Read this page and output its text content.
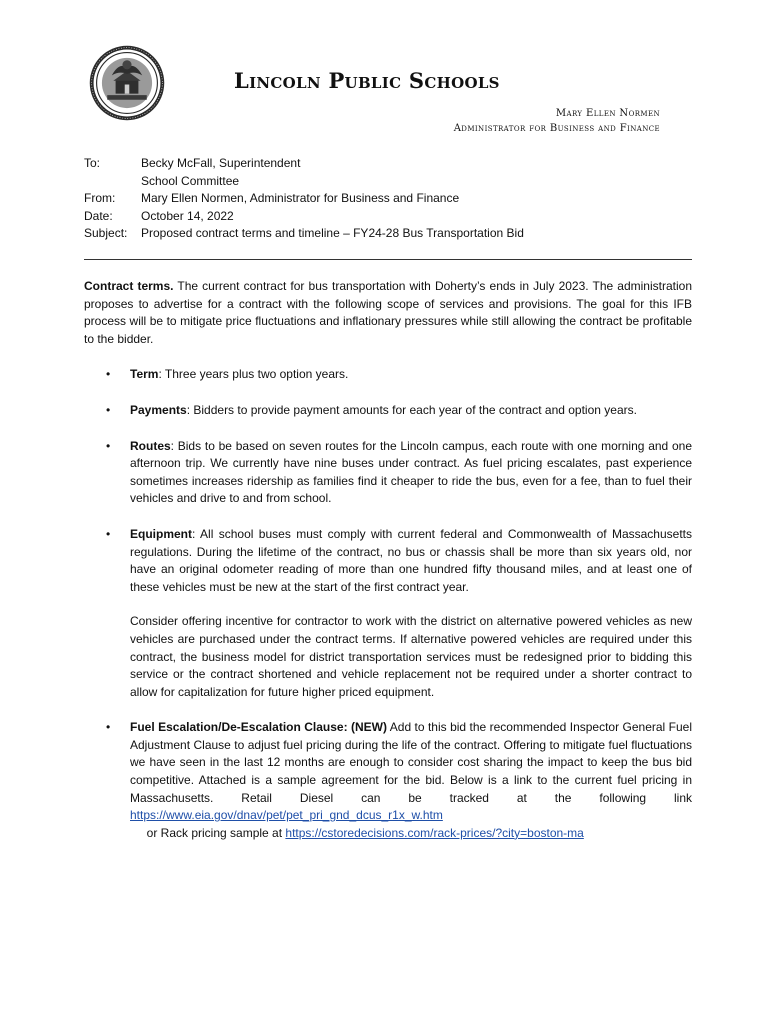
Lincoln Public Schools
Mary Ellen Normen
Administrator for Business and Finance
To:	Becky McFall, Superintendent
School Committee
From:	Mary Ellen Normen, Administrator for Business and Finance
Date:	October 14, 2022
Subject:	Proposed contract terms and timeline – FY24-28 Bus Transportation Bid

Contract terms. The current contract for bus transportation with Doherty’s ends in July 2023. The administration proposes to advertise for a contract with the following scope of services and provisions. The goal for this IFB process will be to mitigate price fluctuations and inflationary pressures while still allowing the contract be profitable to the bidder.

• Term: Three years plus two option years.
• Payments: Bidders to provide payment amounts for each year of the contract and option years.
• Routes: Bids to be based on seven routes for the Lincoln campus, each route with one morning and one afternoon trip. We currently have nine buses under contract. As fuel pricing escalates, past experience sometimes increases ridership as families find it cheaper to ride the bus, even for a fee, than to fuel their vehicles and drive to and from school.
• Equipment: All school buses must comply with current federal and Commonwealth of Massachusetts regulations. During the lifetime of the contract, no bus or chassis shall be more than six years old, nor have an original odometer reading of more than one hundred fifty thousand miles, and at least one of these vehicles must be new at the start of the first contract year.
Consider offering incentive for contractor to work with the district on alternative powered vehicles as new vehicles are purchased under the contract terms. If alternative powered vehicles are required under this contract, the business model for district transportation services must be redesigned prior to bidding this service or the contract shortened and vehicle replacement not be required under a shorter contract to allow for capitalization for future higher priced equipment.
• Fuel Escalation/De-Escalation Clause: (NEW) Add to this bid the recommended Inspector General Fuel Adjustment Clause to adjust fuel pricing during the life of the contract. Offering to mitigate fuel fluctuations we have seen in the last 12 months are enough to consider cost sharing the impact to keep the bus bid competitive. Attached is a sample agreement for the bid. Below is a link to the current fuel pricing in Massachusetts. Retail Diesel can be tracked at the following link https://www.eia.gov/dnav/pet/pet_pri_gnd_dcus_r1x_w.htm     or Rack pricing sample at https://cstoredecisions.com/rack-prices/?city=boston-ma
